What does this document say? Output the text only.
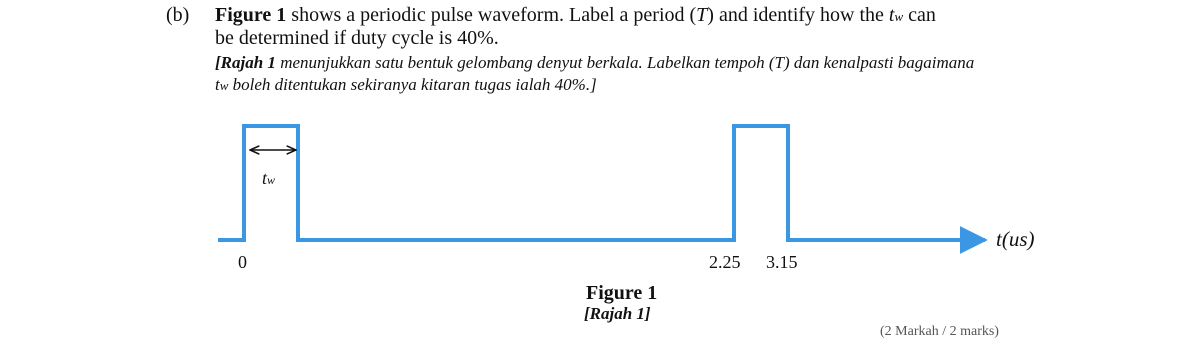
(b) Figure 1 shows a periodic pulse waveform. Label a period (T) and identify how the tw can
be determined if duty cycle is 40%.
[Rajah 1 menunjukkan satu bentuk gelombang denyut berkala. Labelkan tempoh (T) dan kenalpasti bagaimana
tw boleh ditentukan sekiranya kitaran tugas ialah 40%.]
tw
0	2.25 3.15
t(us)
Figure 1
[Rajah 1]
(2 Markah / 2 marks)
